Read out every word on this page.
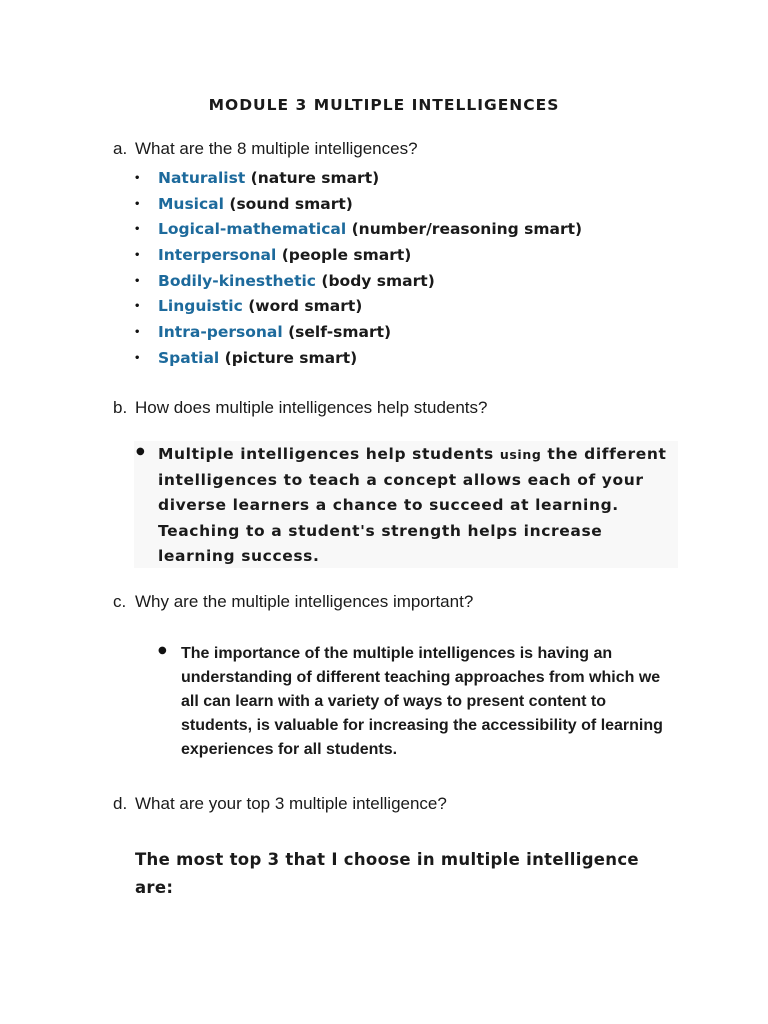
MODULE 3 MULTIPLE INTELLIGENCES
a. What are the 8 multiple intelligences?
• Naturalist (nature smart)
• Musical (sound smart)
• Logical-mathematical (number/reasoning smart)
• Interpersonal (people smart)
• Bodily-kinesthetic (body smart)
• Linguistic (word smart)
• Intra-personal (self-smart)
• Spatial (picture smart)
b. How does multiple intelligences help students?
● Multiple intelligences help students using the different intelligences to teach a concept allows each of your diverse learners a chance to succeed at learning. Teaching to a student's strength helps increase learning success.
c. Why are the multiple intelligences important?
● The importance of the multiple intelligences is having an understanding of different teaching approaches from which we all can learn with a variety of ways to present content to students, is valuable for increasing the accessibility of learning experiences for all students.
d. What are your top 3 multiple intelligence?
The most top 3 that I choose in multiple intelligence are:
